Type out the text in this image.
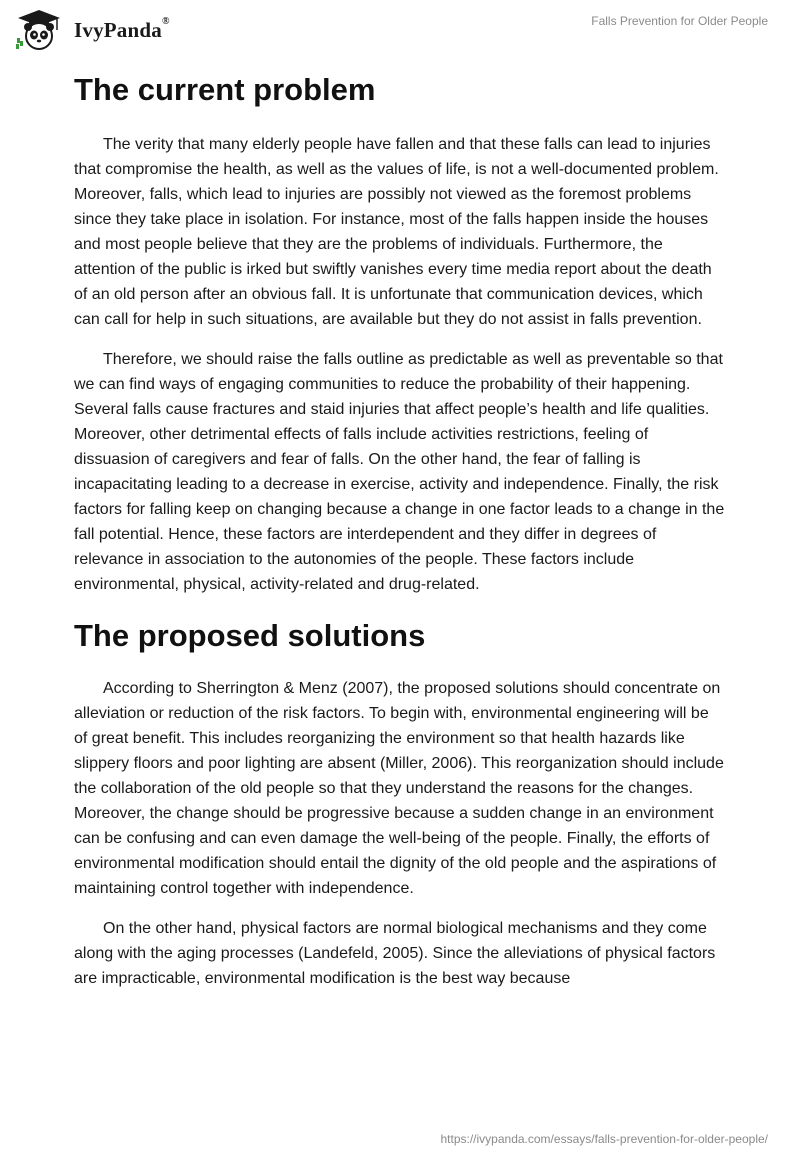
IvyPanda®	Falls Prevention for Older People
The current problem

The verity that many elderly people have fallen and that these falls can lead to injuries that compromise the health, as well as the values of life, is not a well-documented problem. Moreover, falls, which lead to injuries are possibly not viewed as the foremost problems since they take place in isolation. For instance, most of the falls happen inside the houses and most people believe that they are the problems of individuals. Furthermore, the attention of the public is irked but swiftly vanishes every time media report about the death of an old person after an obvious fall. It is unfortunate that communication devices, which can call for help in such situations, are available but they do not assist in falls prevention.

Therefore, we should raise the falls outline as predictable as well as preventable so that we can find ways of engaging communities to reduce the probability of their happening. Several falls cause fractures and staid injuries that affect people’s health and life qualities. Moreover, other detrimental effects of falls include activities restrictions, feeling of dissuasion of caregivers and fear of falls. On the other hand, the fear of falling is incapacitating leading to a decrease in exercise, activity and independence. Finally, the risk factors for falling keep on changing because a change in one factor leads to a change in the fall potential. Hence, these factors are interdependent and they differ in degrees of relevance in association to the autonomies of the people. These factors include environmental, physical, activity-related and drug-related.

The proposed solutions

According to Sherrington & Menz (2007), the proposed solutions should concentrate on alleviation or reduction of the risk factors. To begin with, environmental engineering will be of great benefit. This includes reorganizing the environment so that health hazards like slippery floors and poor lighting are absent (Miller, 2006). This reorganization should include the collaboration of the old people so that they understand the reasons for the changes. Moreover, the change should be progressive because a sudden change in an environment can be confusing and can even damage the well-being of the people. Finally, the efforts of environmental modification should entail the dignity of the old people and the aspirations of maintaining control together with independence.

On the other hand, physical factors are normal biological mechanisms and they come along with the aging processes (Landefeld, 2005). Since the alleviations of physical factors are impracticable, environmental modification is the best way because

https://ivypanda.com/essays/falls-prevention-for-older-people/
